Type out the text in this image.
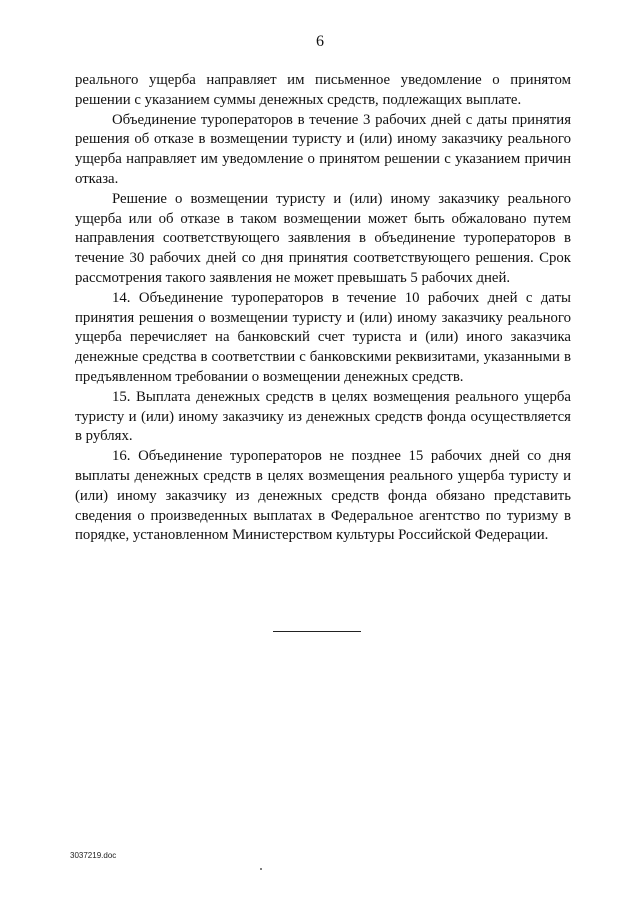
6

реального ущерба направляет им письменное уведомление о принятом решении с указанием суммы денежных средств, подлежащих выплате.

Объединение туроператоров в течение 3 рабочих дней с даты принятия решения об отказе в возмещении туристу и (или) иному заказчику реального ущерба направляет им уведомление о принятом решении с указанием причин отказа.

Решение о возмещении туристу и (или) иному заказчику реального ущерба или об отказе в таком возмещении может быть обжаловано путем направления соответствующего заявления в объединение туроператоров в течение 30 рабочих дней со дня принятия соответствующего решения. Срок рассмотрения такого заявления не может превышать 5 рабочих дней.

14. Объединение туроператоров в течение 10 рабочих дней с даты принятия решения о возмещении туристу и (или) иному заказчику реального ущерба перечисляет на банковский счет туриста и (или) иного заказчика денежные средства в соответствии с банковскими реквизитами, указанными в предъявленном требовании о возмещении денежных средств.

15. Выплата денежных средств в целях возмещения реального ущерба туристу и (или) иному заказчику из денежных средств фонда осуществляется в рублях.

16. Объединение туроператоров не позднее 15 рабочих дней со дня выплаты денежных средств в целях возмещения реального ущерба туристу и (или) иному заказчику из денежных средств фонда обязано представить сведения о произведенных выплатах в Федеральное агентство по туризму в порядке, установленном Министерством культуры Российской Федерации.

3037219.doc
